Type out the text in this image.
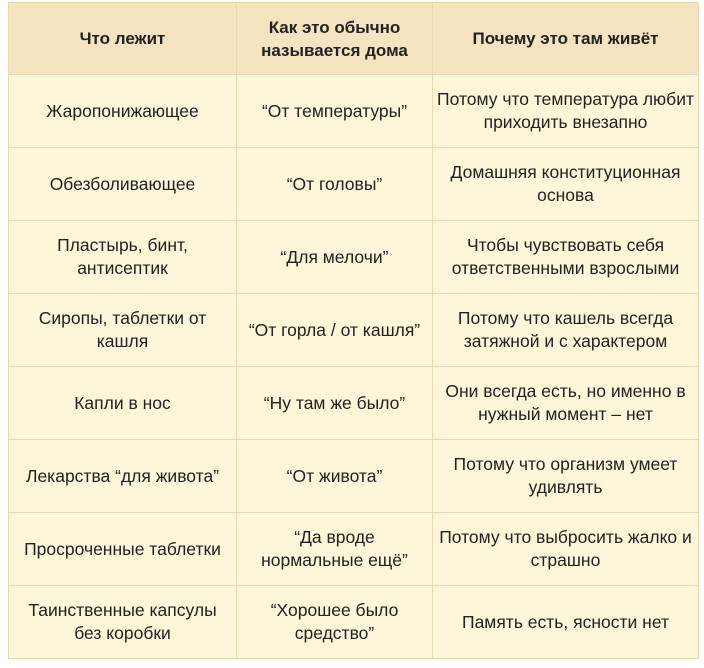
Что лежит	Как это обычно называется дома	Почему это там живёт
Жаропонижающее	“От температуры”	Потому что температура любит приходить внезапно
Обезболивающее	“От головы”	Домашняя конституционная основа
Пластырь, бинт, антисептик	“Для мелочи”	Чтобы чувствовать себя ответственными взрослыми
Сиропы, таблетки от кашля	“От горла / от кашля”	Потому что кашель всегда затяжной и с характером
Капли в нос	“Ну там же было”	Они всегда есть, но именно в нужный момент – нет
Лекарства “для живота”	“От живота”	Потому что организм умеет удивлять
Просроченные таблетки	“Да вроде нормальные ещё”	Потому что выбросить жалко и страшно
Таинственные капсулы без коробки	“Хорошее было средство”	Память есть, ясности нет
